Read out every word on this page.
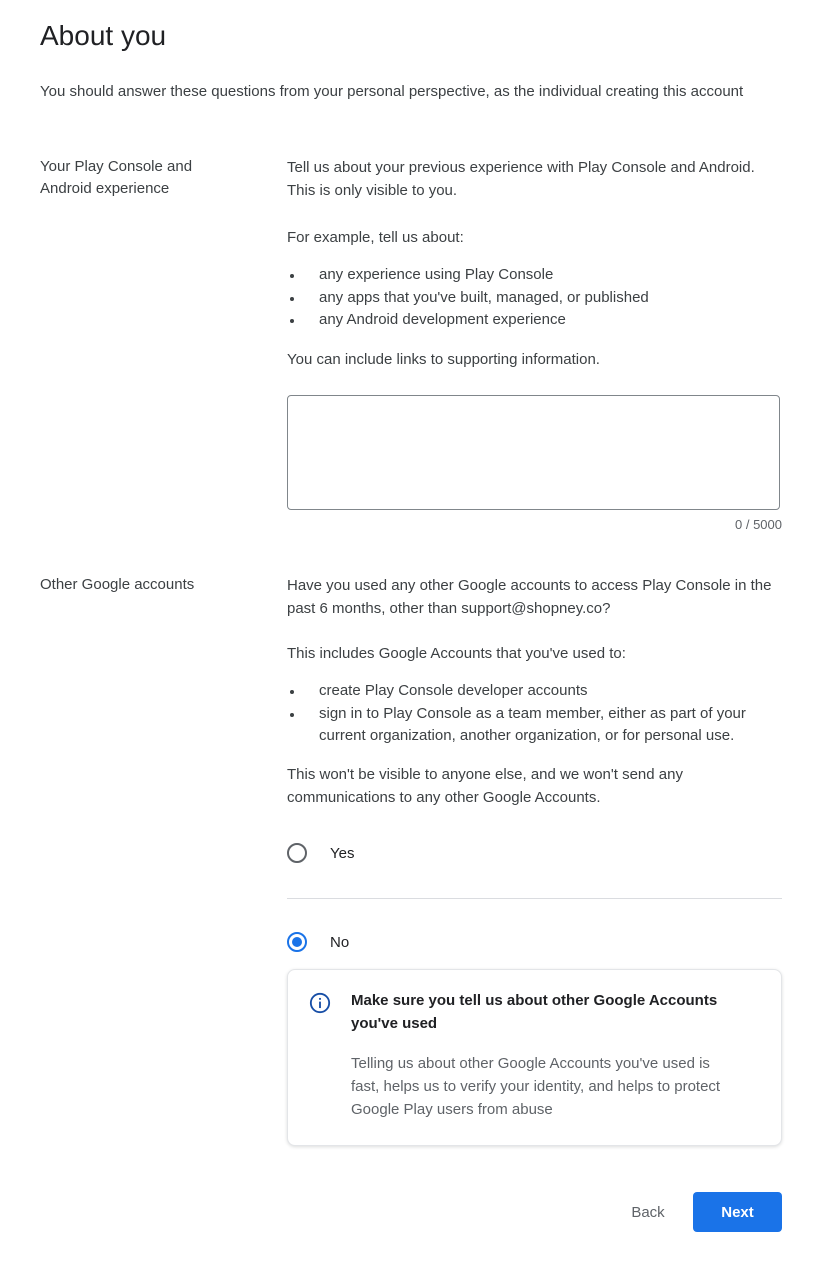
About you
You should answer these questions from your personal perspective, as the individual creating this account
Your Play Console and Android experience

Tell us about your previous experience with Play Console and Android. This is only visible to you.

For example, tell us about:

any experience using Play Console
any apps that you've built, managed, or published
any Android development experience

You can include links to supporting information.

0 / 5000
Other Google accounts	Have you used any other Google accounts to access Play Console in the past 6 months, other than support@shopney.co?

This includes Google Accounts that you've used to:

create Play Console developer accounts
sign in to Play Console as a team member, either as part of your current organization, another organization, or for personal use.

This won't be visible to anyone else, and we won't send any communications to any other Google Accounts.

Yes
No
Make sure you tell us about other Google Accounts you've used
Telling us about other Google Accounts you've used is fast, helps us to verify your identity, and helps to protect Google Play users from abuse
Back	Next
